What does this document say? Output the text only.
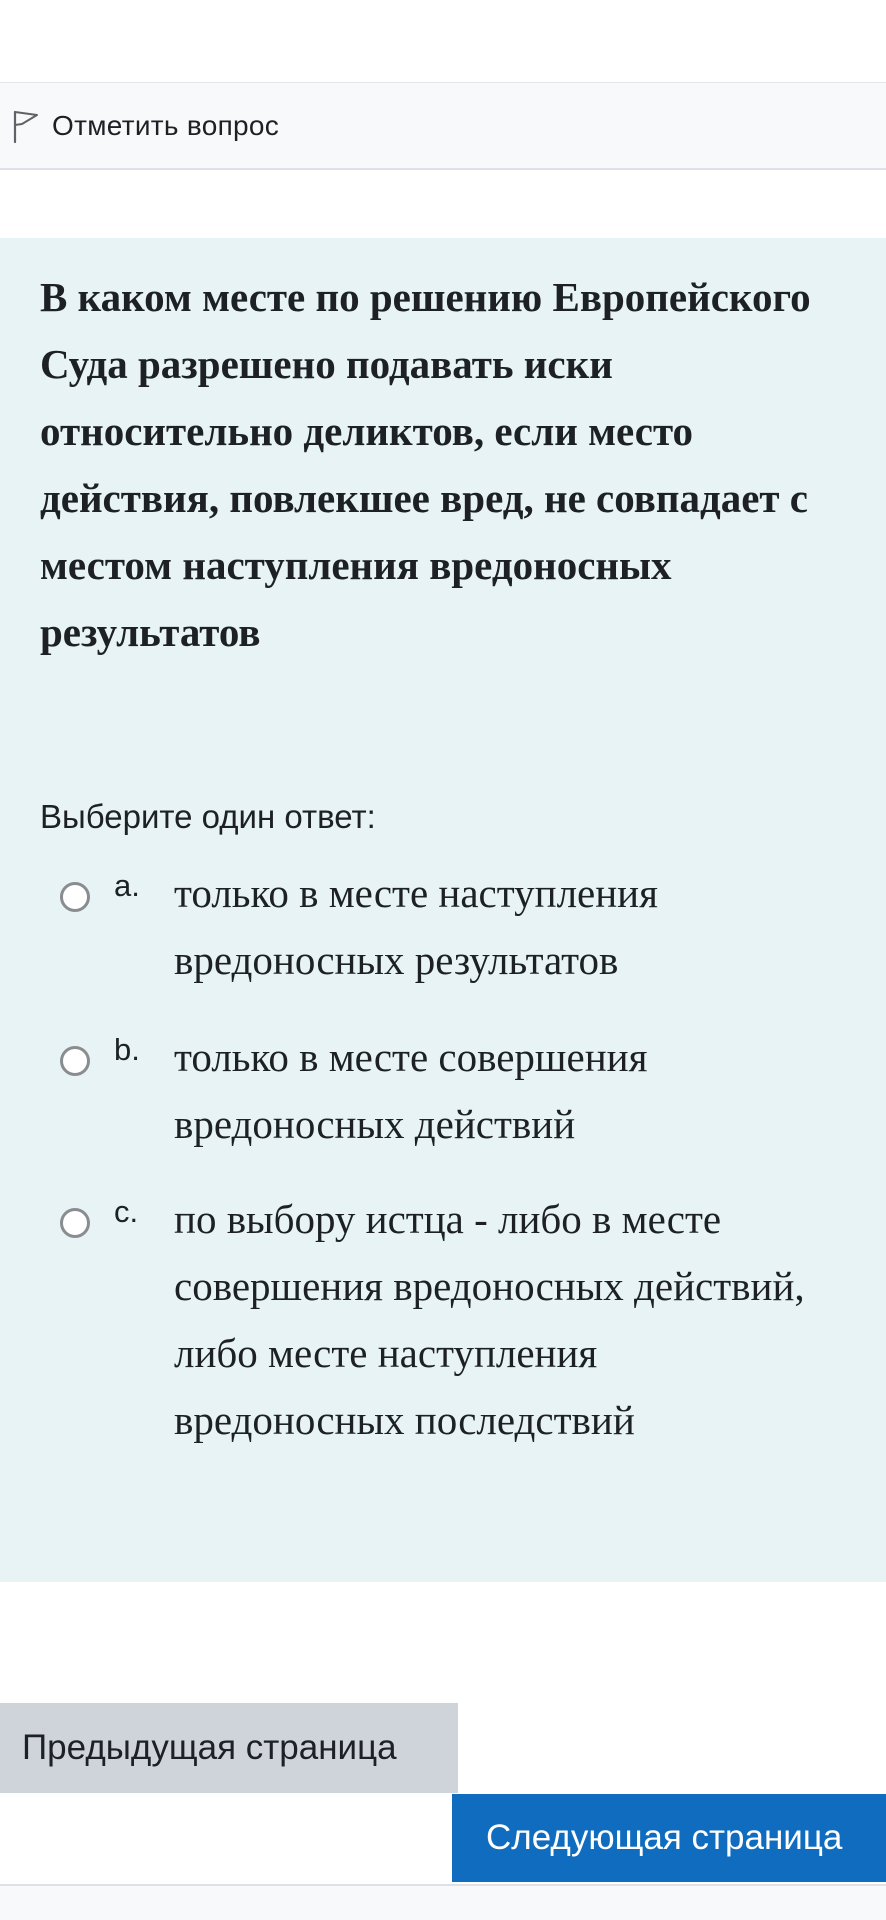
Отметить вопрос
В каком месте по решению Европейского Суда разрешено подавать иски относительно деликтов, если место действия, повлекшее вред, не совпадает с местом наступления вредоносных результатов
Выберите один ответ:
a. только в месте наступления вредоносных результатов
b. только в месте совершения вредоносных действий
c. по выбору истца - либо в месте совершения вредоносных действий, либо месте наступления вредоносных последствий
Предыдущая страница
Следующая страница
